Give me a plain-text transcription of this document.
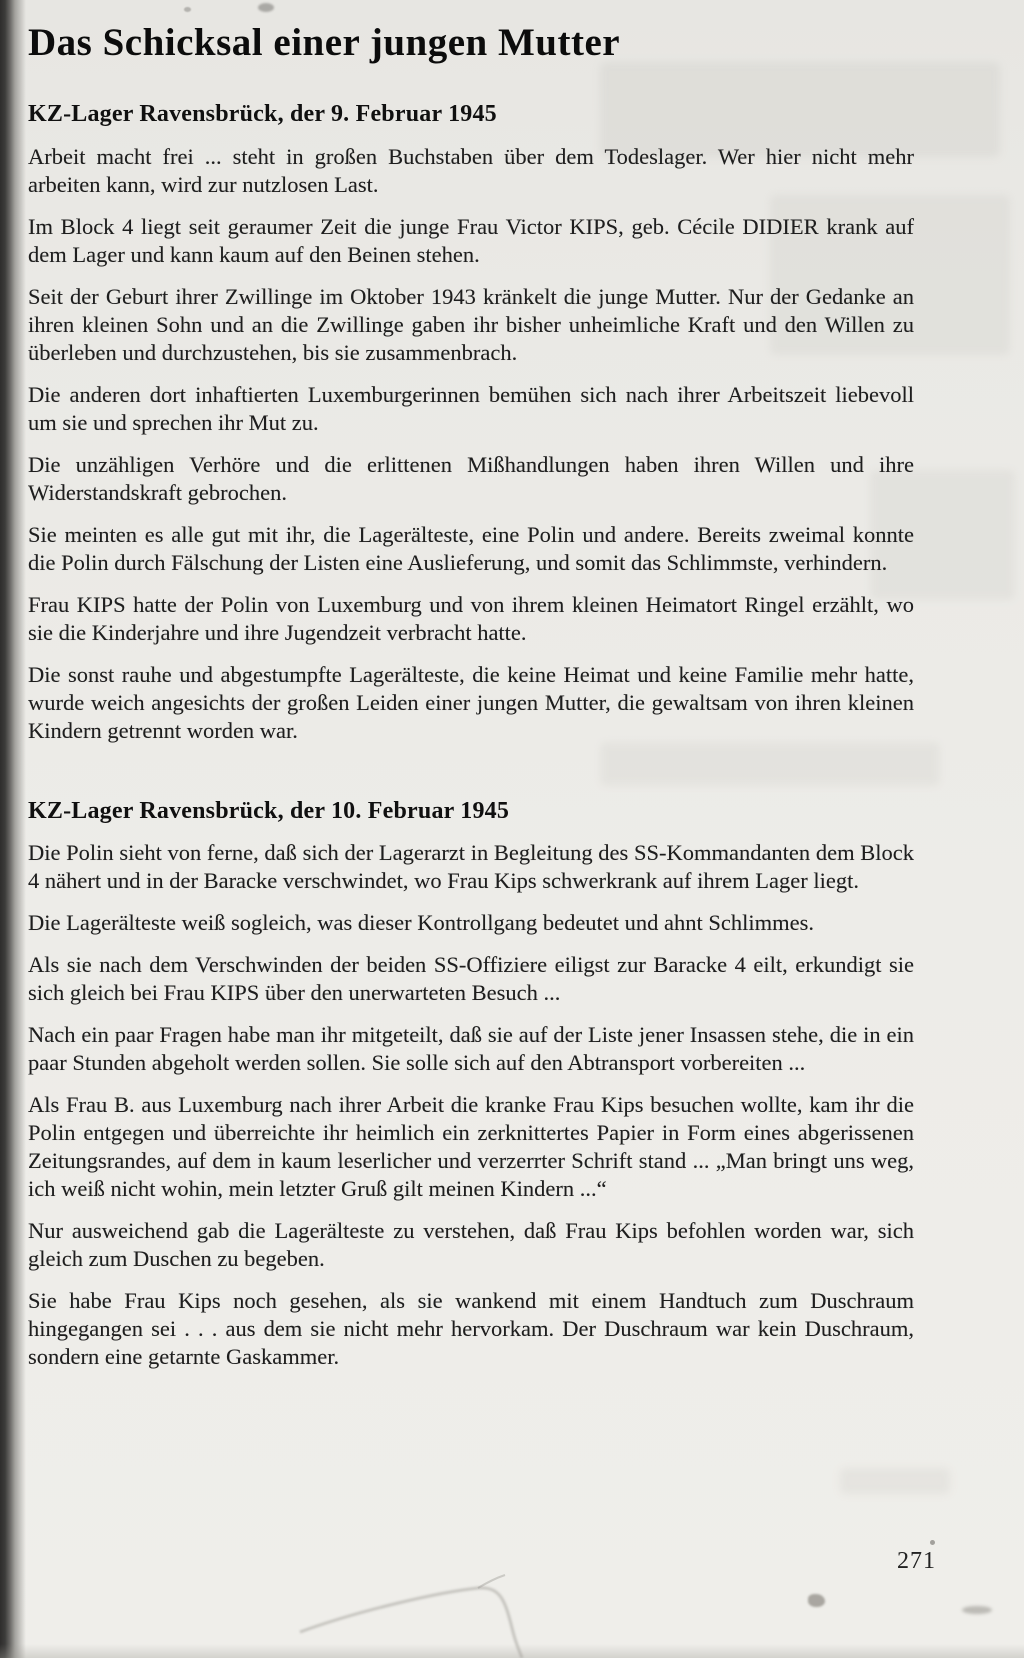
Das Schicksal einer jungen Mutter
KZ-Lager Ravensbrück, der 9. Februar 1945

Arbeit macht frei ... steht in großen Buchstaben über dem Todeslager. Wer hier nicht mehr arbeiten kann, wird zur nutzlosen Last.

Im Block 4 liegt seit geraumer Zeit die junge Frau Victor KIPS, geb. Cécile DIDIER krank auf dem Lager und kann kaum auf den Beinen stehen.

Seit der Geburt ihrer Zwillinge im Oktober 1943 kränkelt die junge Mutter. Nur der Gedanke an ihren kleinen Sohn und an die Zwillinge gaben ihr bisher unheimliche Kraft und den Willen zu überleben und durchzustehen, bis sie zusammenbrach.

Die anderen dort inhaftierten Luxemburgerinnen bemühen sich nach ihrer Arbeitszeit liebevoll um sie und sprechen ihr Mut zu.

Die unzähligen Verhöre und die erlittenen Mißhandlungen haben ihren Willen und ihre Widerstandskraft gebrochen.

Sie meinten es alle gut mit ihr, die Lagerälteste, eine Polin und andere. Bereits zweimal konnte die Polin durch Fälschung der Listen eine Auslieferung, und somit das Schlimmste, verhindern.

Frau KIPS hatte der Polin von Luxemburg und von ihrem kleinen Heimatort Ringel erzählt, wo sie die Kinderjahre und ihre Jugendzeit verbracht hatte.

Die sonst rauhe und abgestumpfte Lagerälteste, die keine Heimat und keine Familie mehr hatte, wurde weich angesichts der großen Leiden einer jungen Mutter, die gewaltsam von ihren kleinen Kindern getrennt worden war.

KZ-Lager Ravensbrück, der 10. Februar 1945

Die Polin sieht von ferne, daß sich der Lagerarzt in Begleitung des SS-Kommandanten dem Block 4 nähert und in der Baracke verschwindet, wo Frau Kips schwerkrank auf ihrem Lager liegt.

Die Lagerälteste weiß sogleich, was dieser Kontrollgang bedeutet und ahnt Schlimmes.

Als sie nach dem Verschwinden der beiden SS-Offiziere eiligst zur Baracke 4 eilt, erkundigt sie sich gleich bei Frau KIPS über den unerwarteten Besuch ...

Nach ein paar Fragen habe man ihr mitgeteilt, daß sie auf der Liste jener Insassen stehe, die in ein paar Stunden abgeholt werden sollen. Sie solle sich auf den Abtransport vorbereiten ...

Als Frau B. aus Luxemburg nach ihrer Arbeit die kranke Frau Kips besuchen wollte, kam ihr die Polin entgegen und überreichte ihr heimlich ein zerknittertes Papier in Form eines abgerissenen Zeitungsrandes, auf dem in kaum leserlicher und verzerrter Schrift stand ... „Man bringt uns weg, ich weiß nicht wohin, mein letzter Gruß gilt meinen Kindern ...“

Nur ausweichend gab die Lagerälteste zu verstehen, daß Frau Kips befohlen worden war, sich gleich zum Duschen zu begeben.

Sie habe Frau Kips noch gesehen, als sie wankend mit einem Handtuch zum Duschraum hingegangen sei . . . aus dem sie nicht mehr hervorkam. Der Duschraum war kein Duschraum, sondern eine getarnte Gaskammer.

271
